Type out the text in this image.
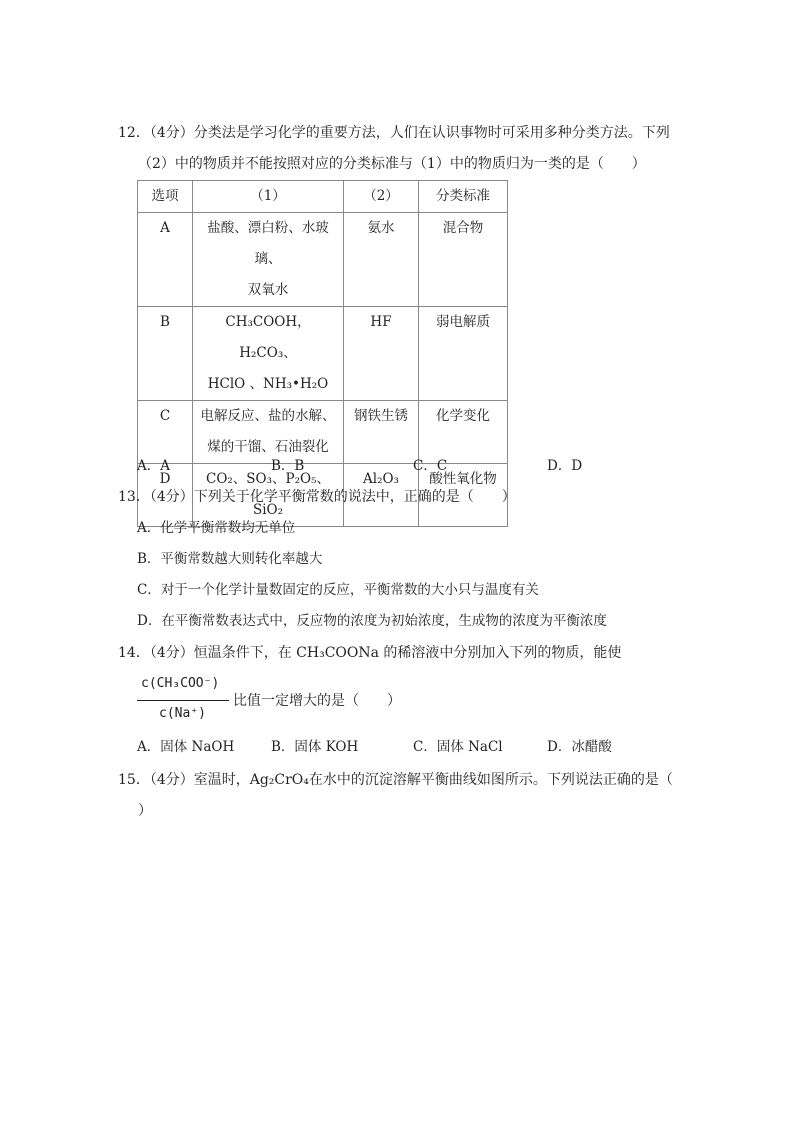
12．（4分）分类法是学习化学的重要方法，人们在认识事物时可采用多种分类方法。下列
（2）中的物质并不能按照对应的分类标准与（1）中的物质归为一类的是（　　）
选项	（1）	（2）	分类标准
A	盐酸、漂白粉、水玻璃、
双氧水	氨水	混合物
B	CH₃COOH，H₂CO₃、
HClO 、NH₃•H₂O	HF	弱电解质
C	电解反应、盐的水解、
煤的干馏、石油裂化	钢铁生锈	化学变化
D	CO₂、SO₃、P₂O₅、SiO₂	Al₂O₃	酸性氧化物
A．A	B．B	C．C	D．D
13．（4分）下列关于化学平衡常数的说法中，正确的是（　　）
A．化学平衡常数均无单位
B．平衡常数越大则转化率越大
C．对于一个化学计量数固定的反应，平衡常数的大小只与温度有关
D．在平衡常数表达式中，反应物的浓度为初始浓度，生成物的浓度为平衡浓度
14．（4分）恒温条件下，在 CH₃COONa 的稀溶液中分别加入下列的物质，能使
c(CH₃COO⁻)
c(Na⁺)
比值一定增大的是（　　）
A．固体 NaOH	B．固体 KOH	C．固体 NaCl	D．冰醋酸
15．（4分）室温时，Ag₂CrO₄在水中的沉淀溶解平衡曲线如图所示。下列说法正确的是（
）
